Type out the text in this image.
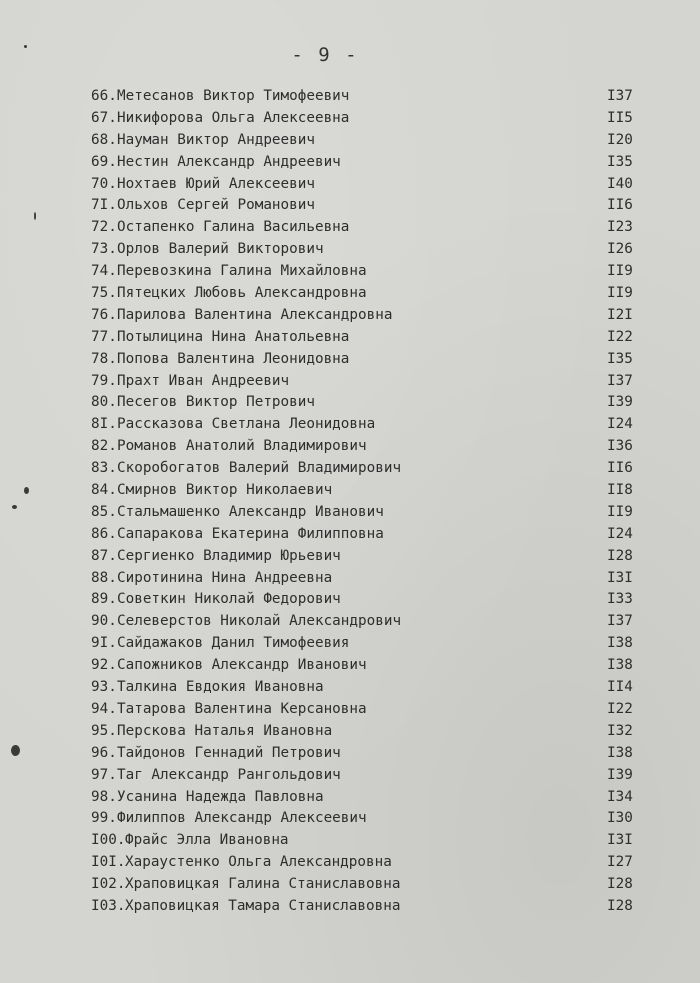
- 9 -
66.Метесанов Виктор Тимофеевич	I37
67.Никифорова Ольга Алексеевна	II5
68.Науман Виктор Андреевич	I20
69.Нестин Александр Андреевич	I35
70.Нохтаев Юрий Алексеевич	I40
7I.Ольхов Сергей Романович	II6
72.Остапенко Галина Васильевна	I23
73.Орлов Валерий Викторович	I26
74.Перевозкина Галина Михайловна	II9
75.Пятецких Любовь Александровна	II9
76.Парилова Валентина Александровна	I2I
77.Потылицина Нина Анатольевна	I22
78.Попова Валентина Леонидовна	I35
79.Прахт Иван Андреевич	I37
80.Песегов Виктор Петрович	I39
8I.Рассказова Светлана Леонидовна	I24
82.Романов Анатолий Владимирович	I36
83.Скоробогатов Валерий Владимирович	II6
84.Смирнов Виктор Николаевич	II8
85.Стальмашенко Александр Иванович	II9
86.Сапаракова Екатерина Филипповна	I24
87.Сергиенко Владимир Юрьевич	I28
88.Сиротинина Нина Андреевна	I3I
89.Советкин Николай Федорович	I33
90.Селеверстов Николай Александрович	I37
9I.Сайдажаков Данил Тимофеевия	I38
92.Сапожников Александр Иванович	I38
93.Талкина Евдокия Ивановна	II4
94.Татарова Валентина Керсановна	I22
95.Перскова Наталья Ивановна	I32
96.Тайдонов Геннадий Петрович	I38
97.Таг Александр Рангольдович	I39
98.Усанина Надежда Павловна	I34
99.Филиппов Александр Алексеевич	I30
I00.Фрайс Элла Ивановна	I3I
I0I.Хараустенко Ольга Александровна	I27
I02.Храповицкая Галина Станиславовна	I28
I03.Храповицкая Тамара Станиславовна	I28
